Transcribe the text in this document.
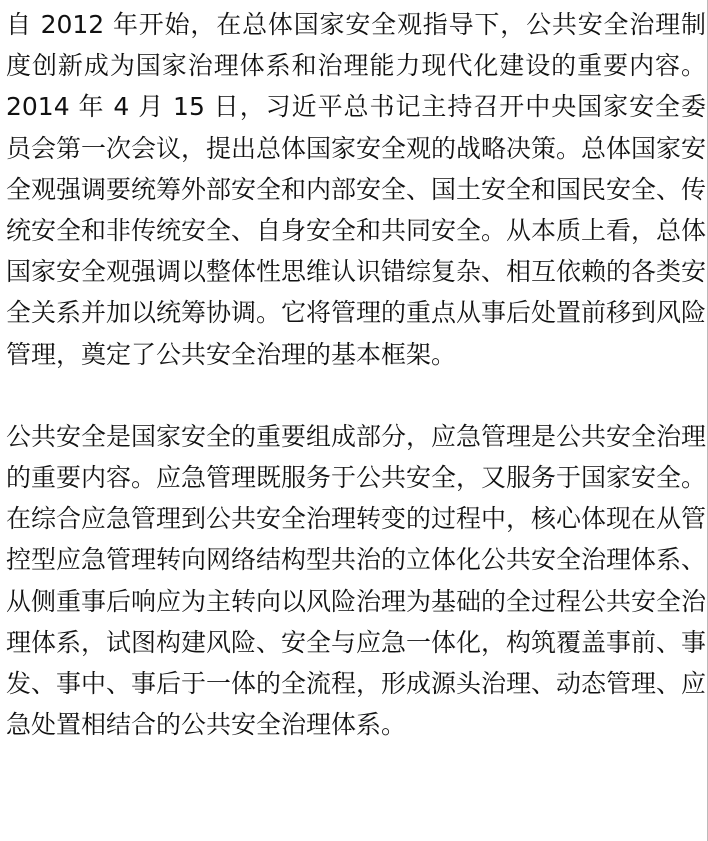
自 2012 年开始，在总体国家安全观指导下，公共安全治理制度创新成为国家治理体系和治理能力现代化建设的重要内容。2014 年 4 月 15 日，习近平总书记主持召开中央国家安全委员会第一次会议，提出总体国家安全观的战略决策。总体国家安全观强调要统筹外部安全和内部安全、国土安全和国民安全、传统安全和非传统安全、自身安全和共同安全。从本质上看，总体国家安全观强调以整体性思维认识错综复杂、相互依赖的各类安全关系并加以统筹协调。它将管理的重点从事后处置前移到风险管理，奠定了公共安全治理的基本框架。

公共安全是国家安全的重要组成部分，应急管理是公共安全治理的重要内容。应急管理既服务于公共安全，又服务于国家安全。在综合应急管理到公共安全治理转变的过程中，核心体现在从管控型应急管理转向网络结构型共治的立体化公共安全治理体系、从侧重事后响应为主转向以风险治理为基础的全过程公共安全治理体系，试图构建风险、安全与应急一体化，构筑覆盖事前、事发、事中、事后于一体的全流程，形成源头治理、动态管理、应急处置相结合的公共安全治理体系。
